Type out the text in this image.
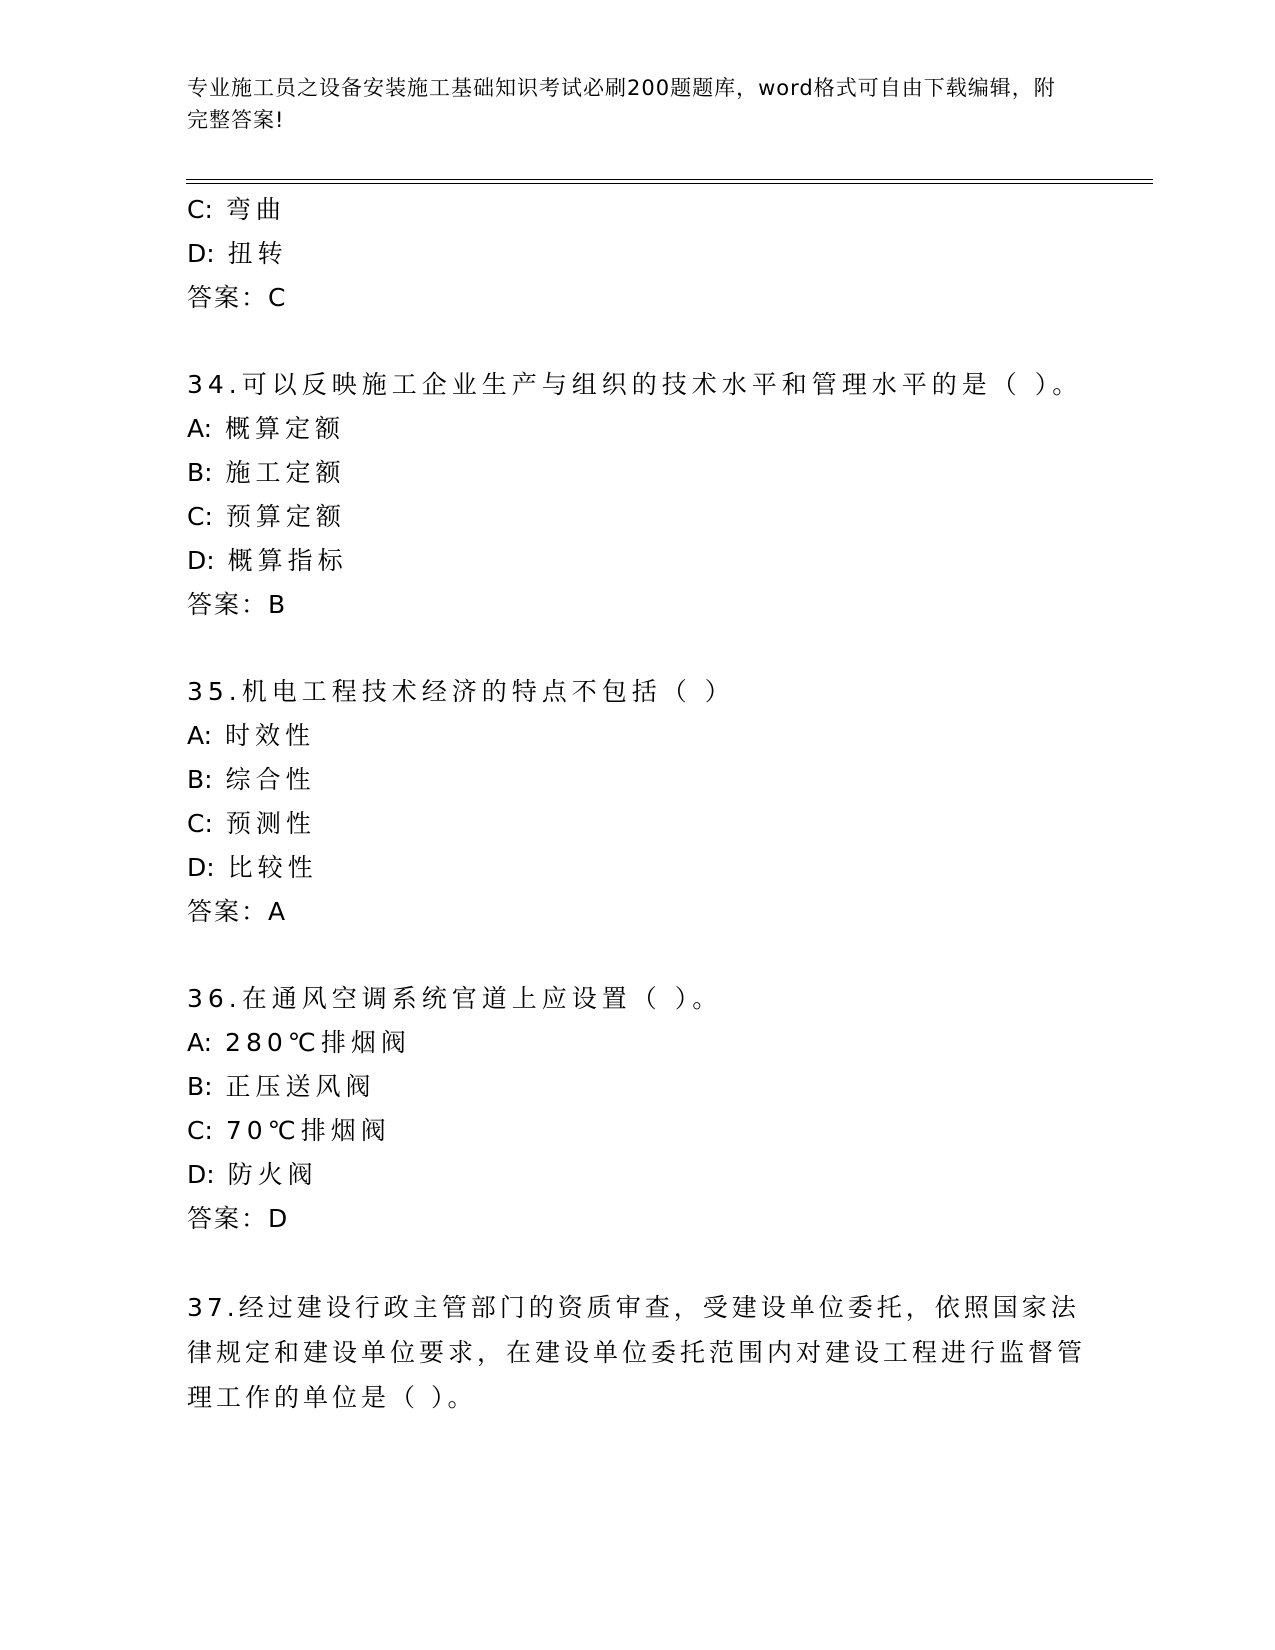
专业施工员之设备安装施工基础知识考试必刷200题题库，word格式可自由下载编辑，附完整答案!
C: 弯曲
D: 扭转
答案：C
34.可以反映施工企业生产与组织的技术水平和管理水平的是（ ）。
A: 概算定额
B: 施工定额
C: 预算定额
D: 概算指标
答案：B
35.机电工程技术经济的特点不包括（ ）
A: 时效性
B: 综合性
C: 预测性
D: 比较性
答案：A
36.在通风空调系统官道上应设置（ ）。
A: 280℃排烟阀
B: 正压送风阀
C: 70℃排烟阀
D: 防火阀
答案：D
37.经过建设行政主管部门的资质审查，受建设单位委托，依照国家法律规定和建设单位要求，在建设单位委托范围内对建设工程进行监督管理工作的单位是（ ）。
